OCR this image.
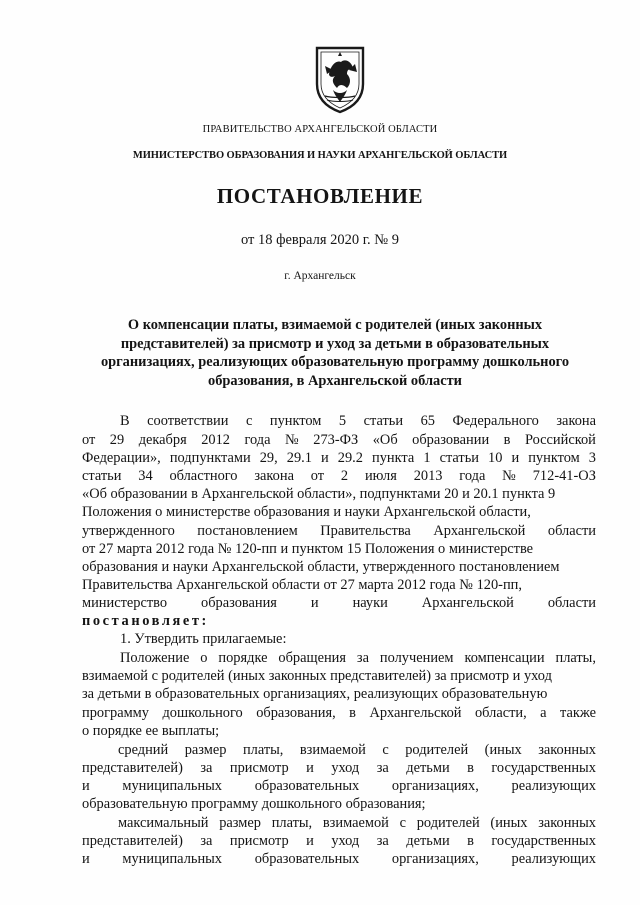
ПРАВИТЕЛЬСТВО АРХАНГЕЛЬСКОЙ ОБЛАСТИ
МИНИСТЕРСТВО ОБРАЗОВАНИЯ И НАУКИ АРХАНГЕЛЬСКОЙ ОБЛАСТИ
ПОСТАНОВЛЕНИЕ
от 18 февраля 2020 г. № 9
г. Архангельск
О компенсации платы, взимаемой с родителей (иных законных
представителей) за присмотр и уход за детьми в образовательных
организациях, реализующих образовательную программу дошкольного
образования, в Архангельской области
В соответствии с пунктом 5 статьи 65 Федерального закона
от 29 декабря 2012 года № 273-ФЗ «Об образовании в Российской
Федерации», подпунктами 29, 29.1 и 29.2 пункта 1 статьи 10 и пунктом 3
статьи 34 областного закона от 2 июля 2013 года № 712-41-ОЗ
«Об образовании в Архангельской области», подпунктами 20 и 20.1 пункта 9
Положения о министерстве образования и науки Архангельской области,
утвержденного постановлением Правительства Архангельской области
от 27 марта 2012 года № 120-пп и пунктом 15 Положения о министерстве
образования и науки Архангельской области, утвержденного постановлением
Правительства Архангельской области от 27 марта 2012 года № 120-пп,
министерство образования и науки Архангельской области
постановляет:
1. Утвердить прилагаемые:
Положение о порядке обращения за получением компенсации платы,
взимаемой с родителей (иных законных представителей) за присмотр и уход
за детьми в образовательных организациях, реализующих образовательную
программу дошкольного образования, в Архангельской области, а также
о порядке ее выплаты;
средний размер платы, взимаемой с родителей (иных законных
представителей) за присмотр и уход за детьми в государственных
и муниципальных образовательных организациях, реализующих
образовательную программу дошкольного образования;
максимальный размер платы, взимаемой с родителей (иных законных
представителей) за присмотр и уход за детьми в государственных
и муниципальных образовательных организациях, реализующих
